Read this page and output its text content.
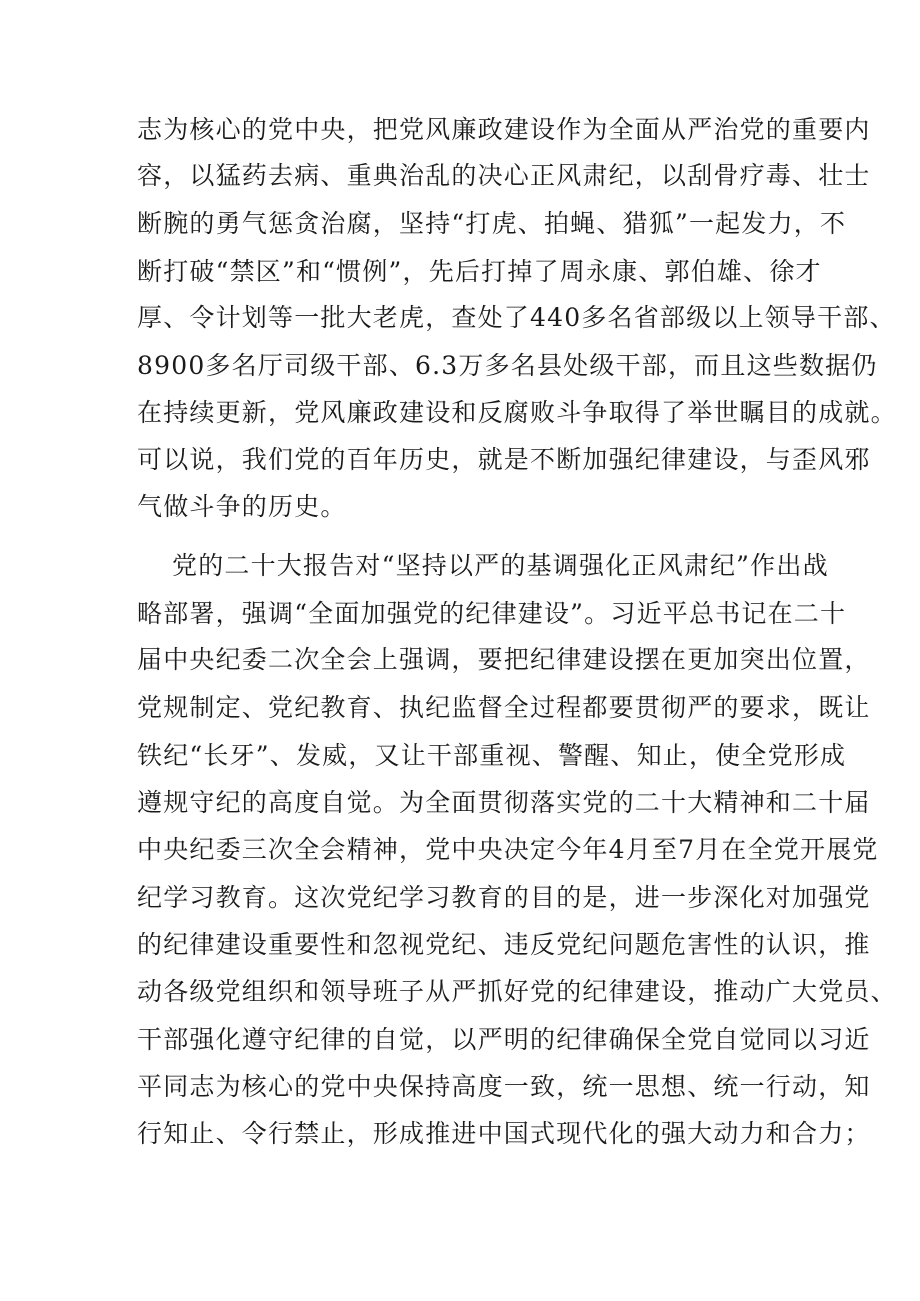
志为核心的党中央，把党风廉政建设作为全面从严治党的重要内
容，以猛药去病、重典治乱的决心正风肃纪，以刮骨疗毒、壮士
断腕的勇气惩贪治腐，坚持“打虎、拍蝇、猎狐”一起发力，不
断打破“禁区”和“惯例”，先后打掉了周永康、郭伯雄、徐才
厚、令计划等一批大老虎，查处了440多名省部级以上领导干部、
8900多名厅司级干部、6.3万多名县处级干部，而且这些数据仍
在持续更新，党风廉政建设和反腐败斗争取得了举世瞩目的成就。
可以说，我们党的百年历史，就是不断加强纪律建设，与歪风邪
气做斗争的历史。
党的二十大报告对“坚持以严的基调强化正风肃纪”作出战
略部署，强调“全面加强党的纪律建设”。习近平总书记在二十
届中央纪委二次全会上强调，要把纪律建设摆在更加突出位置，
党规制定、党纪教育、执纪监督全过程都要贯彻严的要求，既让
铁纪“长牙”、发威，又让干部重视、警醒、知止，使全党形成
遵规守纪的高度自觉。为全面贯彻落实党的二十大精神和二十届
中央纪委三次全会精神，党中央决定今年4月至7月在全党开展党
纪学习教育。这次党纪学习教育的目的是，进一步深化对加强党
的纪律建设重要性和忽视党纪、违反党纪问题危害性的认识，推
动各级党组织和领导班子从严抓好党的纪律建设，推动广大党员、
干部强化遵守纪律的自觉，以严明的纪律确保全党自觉同以习近
平同志为核心的党中央保持高度一致，统一思想、统一行动，知
行知止、令行禁止，形成推进中国式现代化的强大动力和合力；
